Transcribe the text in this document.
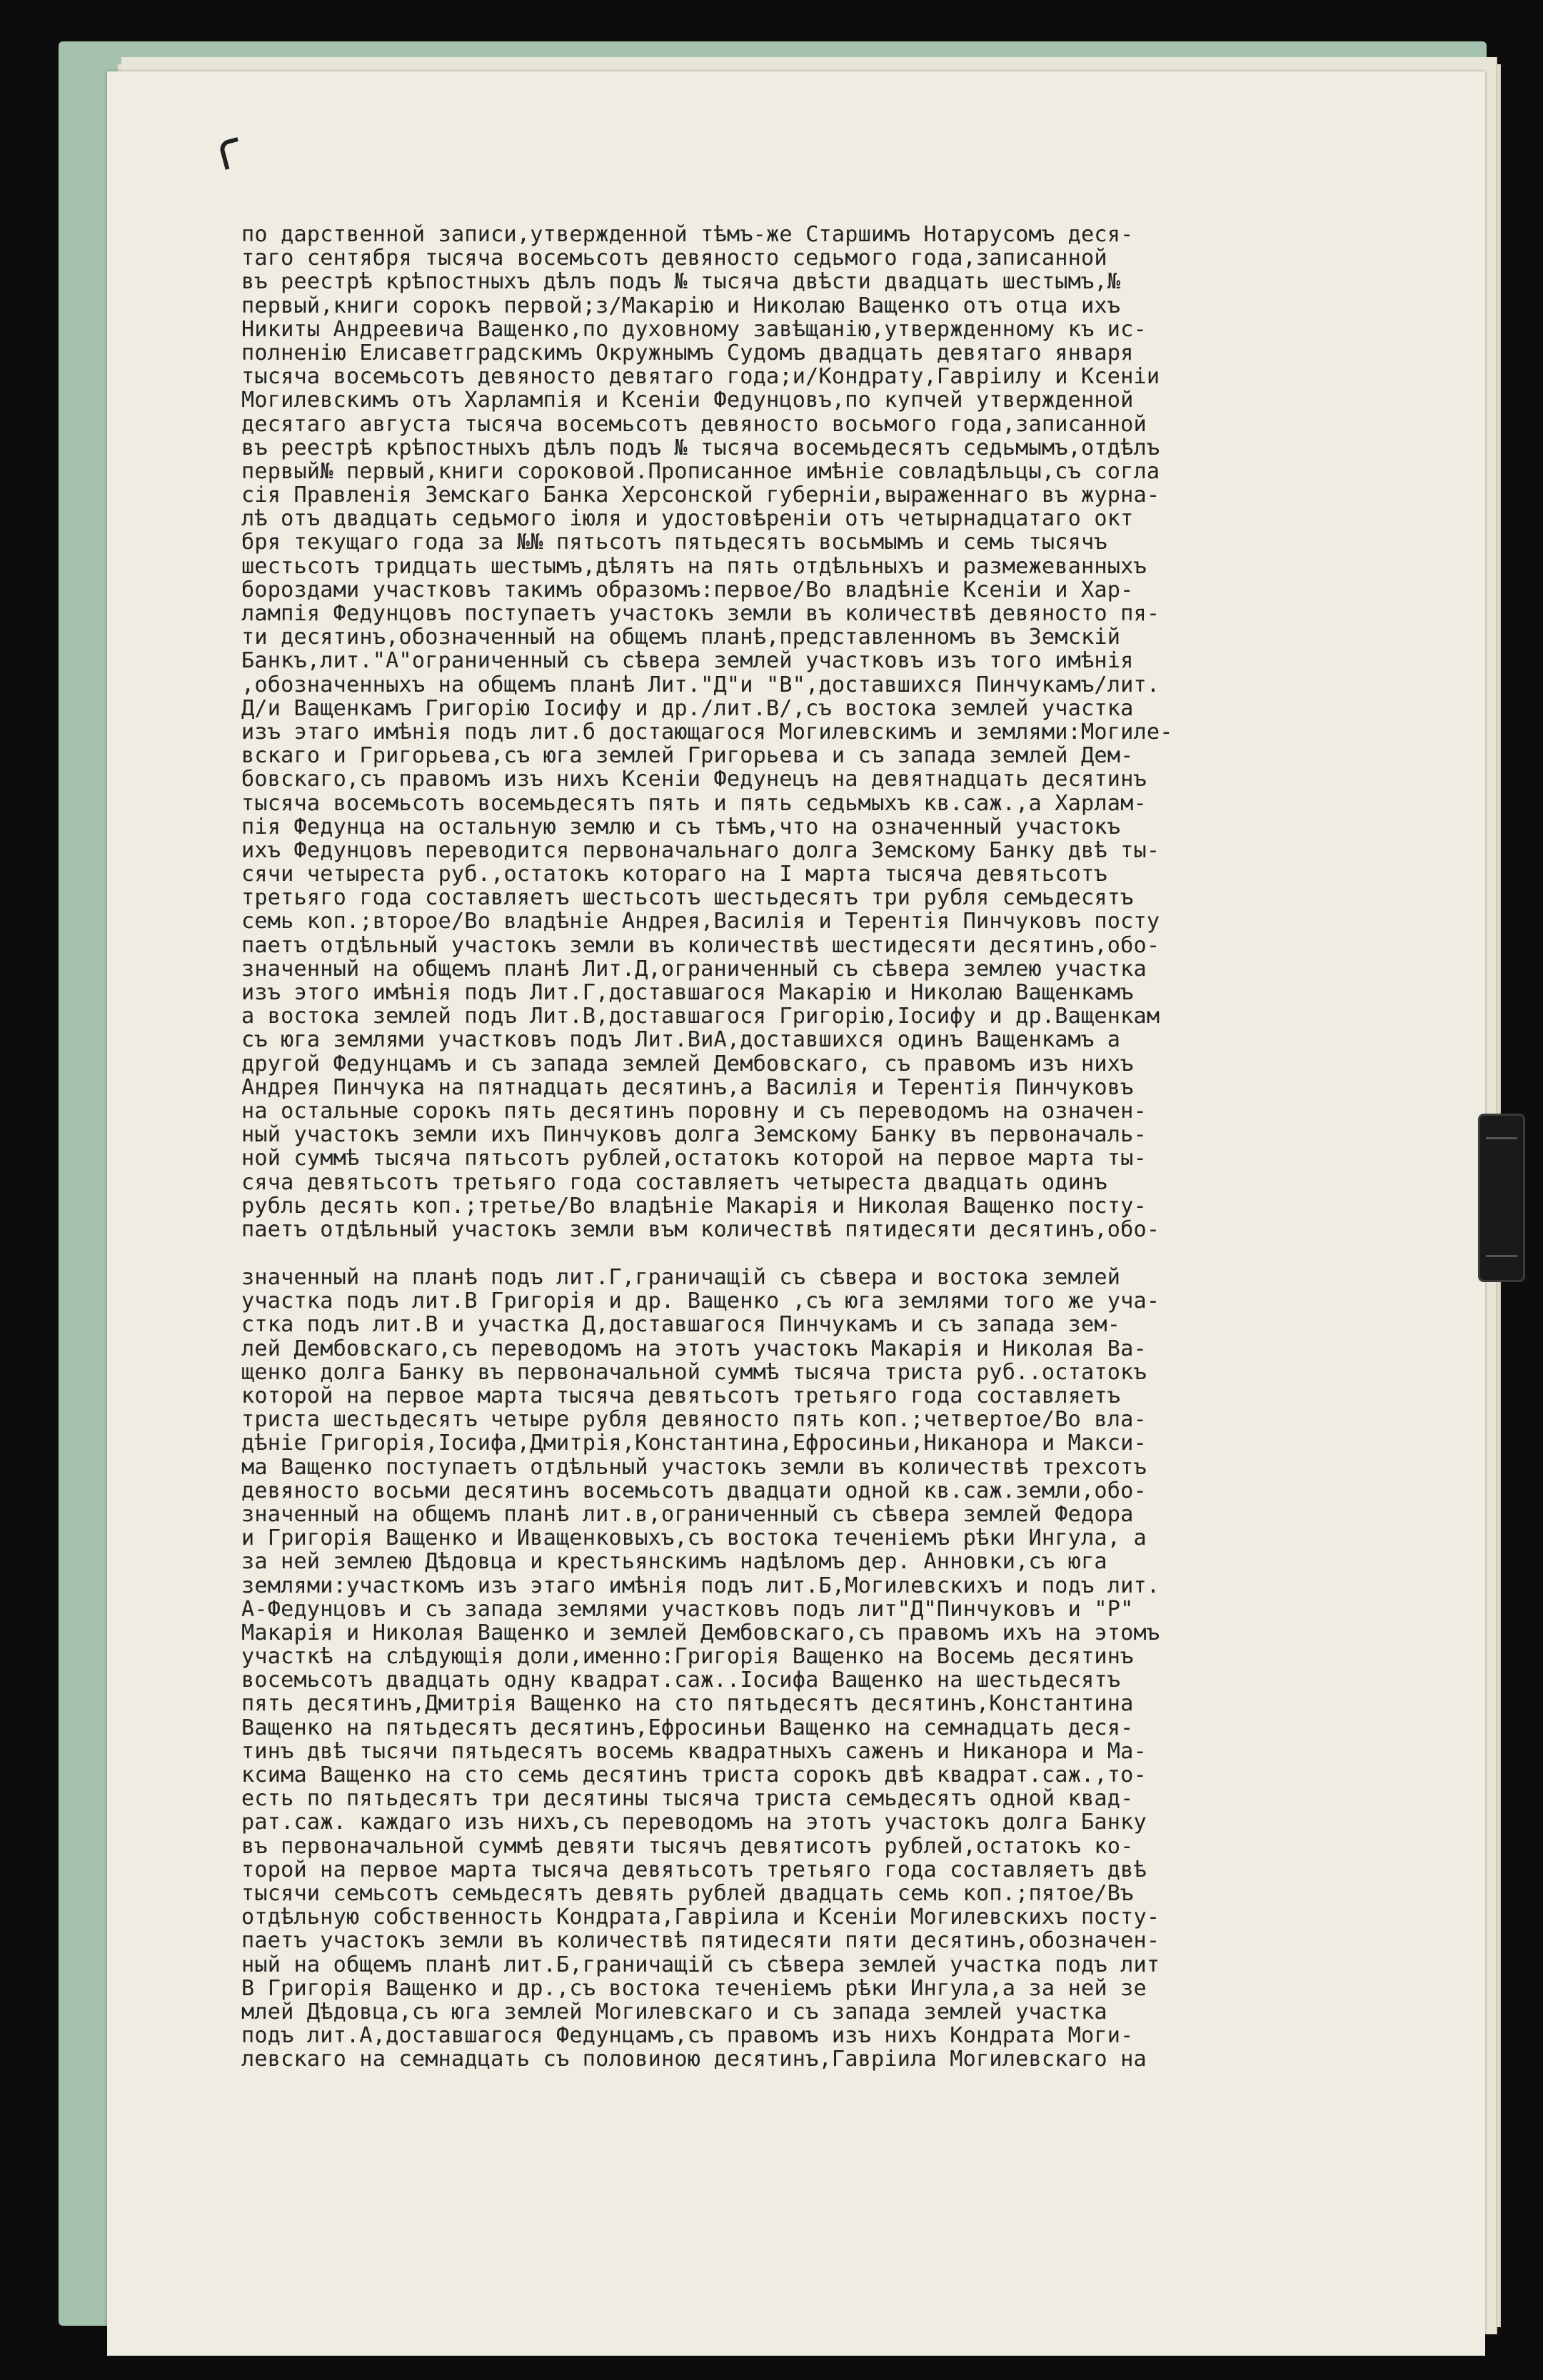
по дарственной записи,утвержденной тѣмъ-же Старшимъ Нотарусомъ деся-
таго сентября тысяча восемьсотъ девяносто седьмого года,записанной
въ реестрѣ крѣпостныхъ дѣлъ подъ № тысяча двѣсти двадцать шестымъ,№
первый,книги сорокъ первой;з/Макарію и Николаю Ващенко отъ отца ихъ
Никиты Андреевича Ващенко,по духовному завѣщанію,утвержденному къ ис-
полненію Елисаветградскимъ Окружнымъ Судомъ двадцать девятаго января
тысяча восемьсотъ девяносто девятаго года;и/Кондрату,Гавріилу и Ксеніи
Могилевскимъ отъ Харлампія и Ксеніи Федунцовъ,по купчей утвержденной
десятаго августа тысяча восемьсотъ девяносто восьмого года,записанной
въ реестрѣ крѣпостныхъ дѣлъ подъ № тысяча восемьдесятъ седьмымъ,отдѣлъ
первый№ первый,книги сороковой.Прописанное имѣніе совладѣльцы,съ согла
сія Правленія Земскаго Банка Херсонской губерніи,выраженнаго въ журна-
лѣ отъ двадцать седьмого іюля и удостовѣреніи отъ четырнадцатаго окт
бря текущаго года за №№ пятьсотъ пятьдесятъ восьмымъ и семь тысячъ
шестьсотъ тридцать шестымъ,дѣлятъ на пять отдѣльныхъ и размежеванныхъ
бороздами участковъ такимъ образомъ:первое/Во владѣніе Ксеніи и Хар-
лампія Федунцовъ поступаетъ участокъ земли въ количествѣ девяносто пя-
ти десятинъ,обозначенный на общемъ планѣ,представленномъ въ Земскій
Банкъ,лит."А"ограниченный съ сѣвера землей участковъ изъ того имѣнія
,обозначенныхъ на общемъ планѣ Лит."Д"и "В",доставшихся Пинчукамъ/лит.
Д/и Ващенкамъ Григорію Іосифу и др./лит.В/,съ востока землей участка
изъ этаго имѣнія подъ лит.б достающагося Могилевскимъ и землями:Могиле-
вскаго и Григорьева,съ юга землей Григорьева и съ запада землей Дем-
бовскаго,съ правомъ изъ нихъ Ксеніи Федунецъ на девятнадцать десятинъ
тысяча восемьсотъ восемьдесятъ пять и пять седьмыхъ кв.саж.,а Харлам-
пія Федунца на остальную землю и съ тѣмъ,что на означенный участокъ
ихъ Федунцовъ переводится первоначальнаго долга Земскому Банку двѣ ты-
сячи четыреста руб.,остатокъ котораго на I марта тысяча девятьсотъ
третьяго года составляетъ шестьсотъ шестьдесятъ три рубля семьдесятъ
семь коп.;второе/Во владѣніе Андрея,Василія и Терентія Пинчуковъ посту
паетъ отдѣльный участокъ земли въ количествѣ шестидесяти десятинъ,обо-
значенный на общемъ планѣ Лит.Д,ограниченный съ сѣвера землею участка
изъ этого имѣнія подъ Лит.Г,доставшагося Макарію и Николаю Ващенкамъ
а востока землей подъ Лит.В,доставшагося Григорію,Іосифу и др.Ващенкам
съ юга землями участковъ подъ Лит.ВиА,доставшихся одинъ Ващенкамъ а
другой Федунцамъ и съ запада землей Дембовскаго, съ правомъ изъ нихъ
Андрея Пинчука на пятнадцать десятинъ,а Василія и Терентія Пинчуковъ
на остальные сорокъ пять десятинъ поровну и съ переводомъ на означен-
ный участокъ земли ихъ Пинчуковъ долга Земскому Банку въ первоначаль-
ной суммѣ тысяча пятьсотъ рублей,остатокъ которой на первое марта ты-
сяча девятьсотъ третьяго года составляетъ четыреста двадцать одинъ
рубль десять коп.;третье/Во владѣніе Макарія и Николая Ващенко посту-
паетъ отдѣльный участокъ земли въм количествѣ пятидесяти десятинъ,обо-
значенный на планѣ подъ лит.Г,граничащій съ сѣвера и востока землей
участка подъ лит.В Григорія и др. Ващенко ,съ юга землями того же уча-
стка подъ лит.В и участка Д,доставшагося Пинчукамъ и съ запада зем-
лей Дембовскаго,съ переводомъ на этотъ участокъ Макарія и Николая Ва-
щенко долга Банку въ первоначальной суммѣ тысяча триста руб..остатокъ
которой на первое марта тысяча девятьсотъ третьяго года составляетъ
триста шестьдесятъ четыре рубля девяносто пять коп.;четвертое/Во вла-
дѣніе Григорія,Іосифа,Дмитрія,Константина,Ефросиньи,Никанора и Макси-
ма Ващенко поступаетъ отдѣльный участокъ земли въ количествѣ трехсотъ
девяносто восьми десятинъ восемьсотъ двадцати одной кв.саж.земли,обо-
значенный на общемъ планѣ лит.в,ограниченный съ сѣвера землей Федора
и Григорія Ващенко и Иващенковыхъ,съ востока теченіемъ рѣки Ингула, а
за ней землею Дѣдовца и крестьянскимъ надѣломъ дер. Анновки,съ юга
землями:участкомъ изъ этаго имѣнія подъ лит.Б,Могилевскихъ и подъ лит.
А-Федунцовъ и съ запада землями участковъ подъ лит"Д"Пинчуковъ и "Р"
Макарія и Николая Ващенко и землей Дембовскаго,съ правомъ ихъ на этомъ
участкѣ на слѣдующія доли,именно:Григорія Ващенко на Восемь десятинъ
восемьсотъ двадцать одну квадрат.саж..Іосифа Ващенко на шестьдесятъ
пять десятинъ,Дмитрія Ващенко на сто пятьдесятъ десятинъ,Константина
Ващенко на пятьдесятъ десятинъ,Ефросиньи Ващенко на семнадцать деся-
тинъ двѣ тысячи пятьдесятъ восемь квадратныхъ саженъ и Никанора и Ма-
ксима Ващенко на сто семь десятинъ триста сорокъ двѣ квадрат.саж.,то-
есть по пятьдесятъ три десятины тысяча триста семьдесятъ одной квад-
рат.саж. каждаго изъ нихъ,съ переводомъ на этотъ участокъ долга Банку
въ первоначальной суммѣ девяти тысячъ девятисотъ рублей,остатокъ ко-
торой на первое марта тысяча девятьсотъ третьяго года составляетъ двѣ
тысячи семьсотъ семьдесятъ девять рублей двадцать семь коп.;пятое/Въ
отдѣльную собственность Кондрата,Гавріила и Ксеніи Могилевскихъ посту-
паетъ участокъ земли въ количествѣ пятидесяти пяти десятинъ,обозначен-
ный на общемъ планѣ лит.Б,граничащій съ сѣвера землей участка подъ лит
В Григорія Ващенко и др.,съ востока теченіемъ рѣки Ингула,а за ней зе
млей Дѣдовца,съ юга землей Могилевскаго и съ запада землей участка
подъ лит.А,доставшагося Федунцамъ,съ правомъ изъ нихъ Кондрата Моги-
левскаго на семнадцать съ половиною десятинъ,Гавріила Могилевскаго на
